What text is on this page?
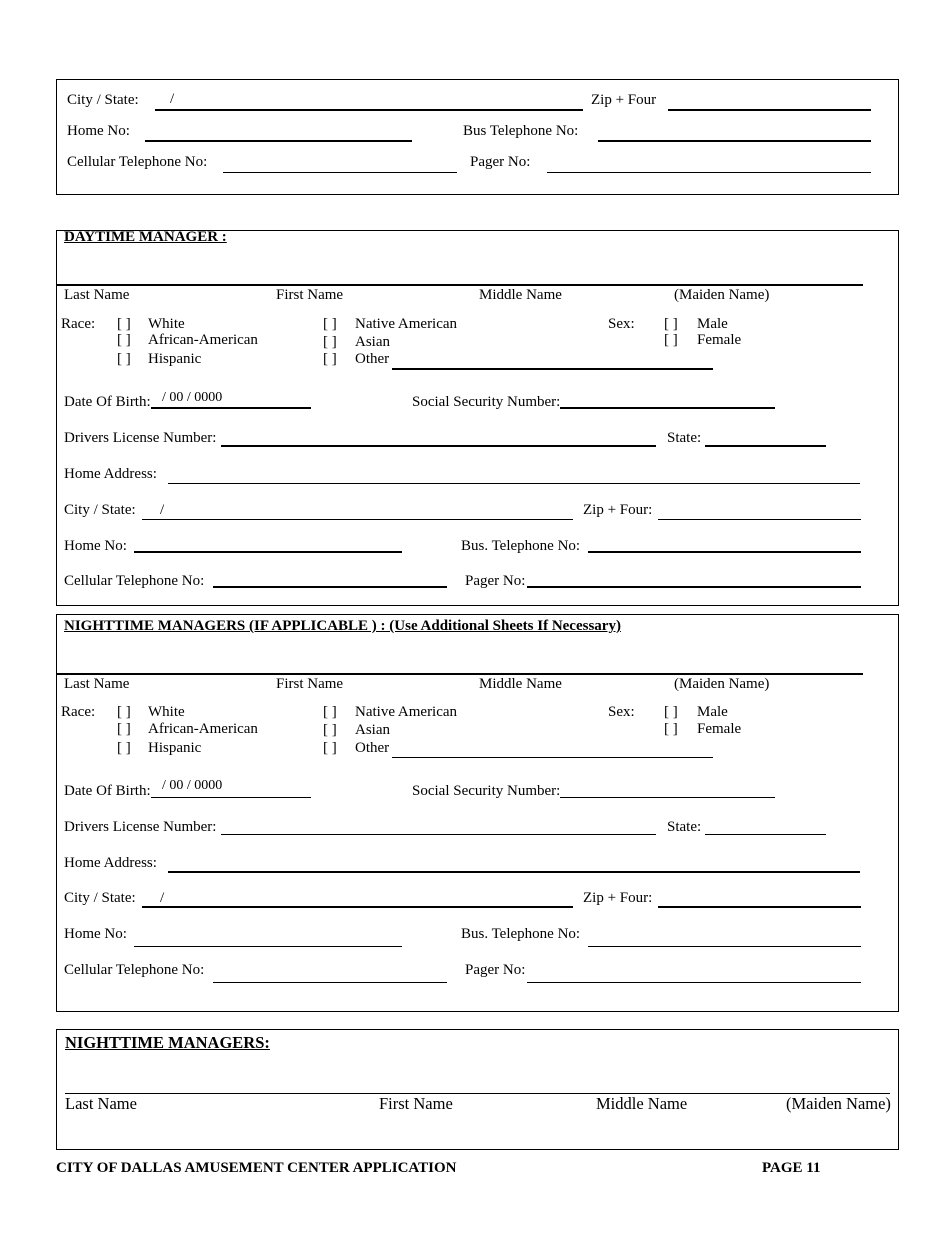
City / State: /	Zip + Four
Home No:	Bus Telephone No:
Cellular Telephone No:	Pager No:
DAYTIME MANAGER :
Last Name	First Name	Middle Name	(Maiden Name)
Race: [ ] White
[ ] African-American
[ ] Hispanic
[ ] Native American
[ ] Asian
[ ] Other
Sex: [ ] Male
[ ] Female
Date Of Birth: / 00 / 0000	Social Security Number:
Drivers License Number:	State:
Home Address:
City / State: /	Zip + Four:
Home No:	Bus. Telephone No:
Cellular Telephone No:	Pager No:
NIGHTTIME MANAGERS (IF APPLICABLE ) : (Use Additional Sheets If Necessary)
Last Name	First Name	Middle Name	(Maiden Name)
Race: [ ] White
[ ] African-American
[ ] Hispanic
[ ] Native American
[ ] Asian
[ ] Other
Sex: [ ] Male
[ ] Female
Date Of Birth: / 00 / 0000	Social Security Number:
Drivers License Number:	State:
Home Address:
City / State: /	Zip + Four:
Home No:	Bus. Telephone No:
Cellular Telephone No:	Pager No:
NIGHTTIME MANAGERS:
Last Name	First Name	Middle Name	(Maiden Name)
CITY OF DALLAS AMUSEMENT CENTER APPLICATION	PAGE 11
